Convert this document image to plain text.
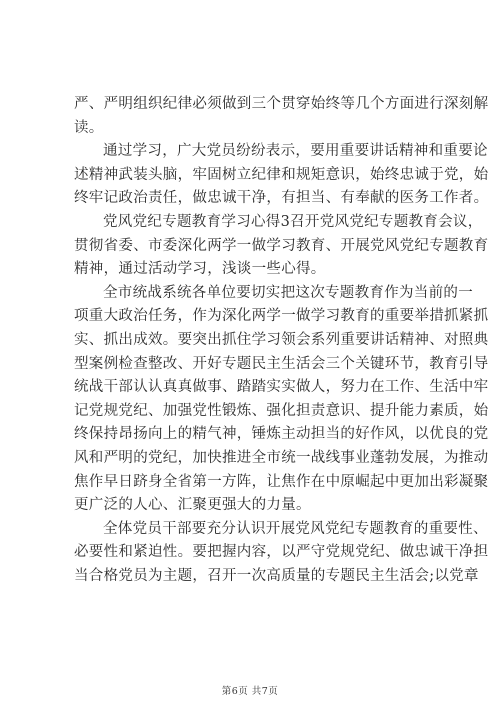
严、严明组织纪律必须做到三个贯穿始终等几个方面进行深刻解
读。
通过学习，广大党员纷纷表示，要用重要讲话精神和重要论
述精神武装头脑，牢固树立纪律和规矩意识，始终忠诚于党，始
终牢记政治责任，做忠诚干净，有担当、有奉献的医务工作者。
党风党纪专题教育学习心得3召开党风党纪专题教育会议，
贯彻省委、市委深化两学一做学习教育、开展党风党纪专题教育
精神，通过活动学习，浅谈一些心得。
全市统战系统各单位要切实把这次专题教育作为当前的一
项重大政治任务，作为深化两学一做学习教育的重要举措抓紧抓
实、抓出成效。要突出抓住学习领会系列重要讲话精神、对照典
型案例检查整改、开好专题民主生活会三个关键环节，教育引导
统战干部认认真真做事、踏踏实实做人，努力在工作、生活中牢
记党规党纪、加强党性锻炼、强化担责意识、提升能力素质，始
终保持昂扬向上的精气神，锤炼主动担当的好作风，以优良的党
风和严明的党纪，加快推进全市统一战线事业蓬勃发展，为推动
焦作早日跻身全省第一方阵，让焦作在中原崛起中更加出彩凝聚
更广泛的人心、汇聚更强大的力量。
全体党员干部要充分认识开展党风党纪专题教育的重要性、
必要性和紧迫性。要把握内容，以严守党规党纪、做忠诚干净担
当合格党员为主题，召开一次高质量的专题民主生活会;以党章
第6页 共7页
